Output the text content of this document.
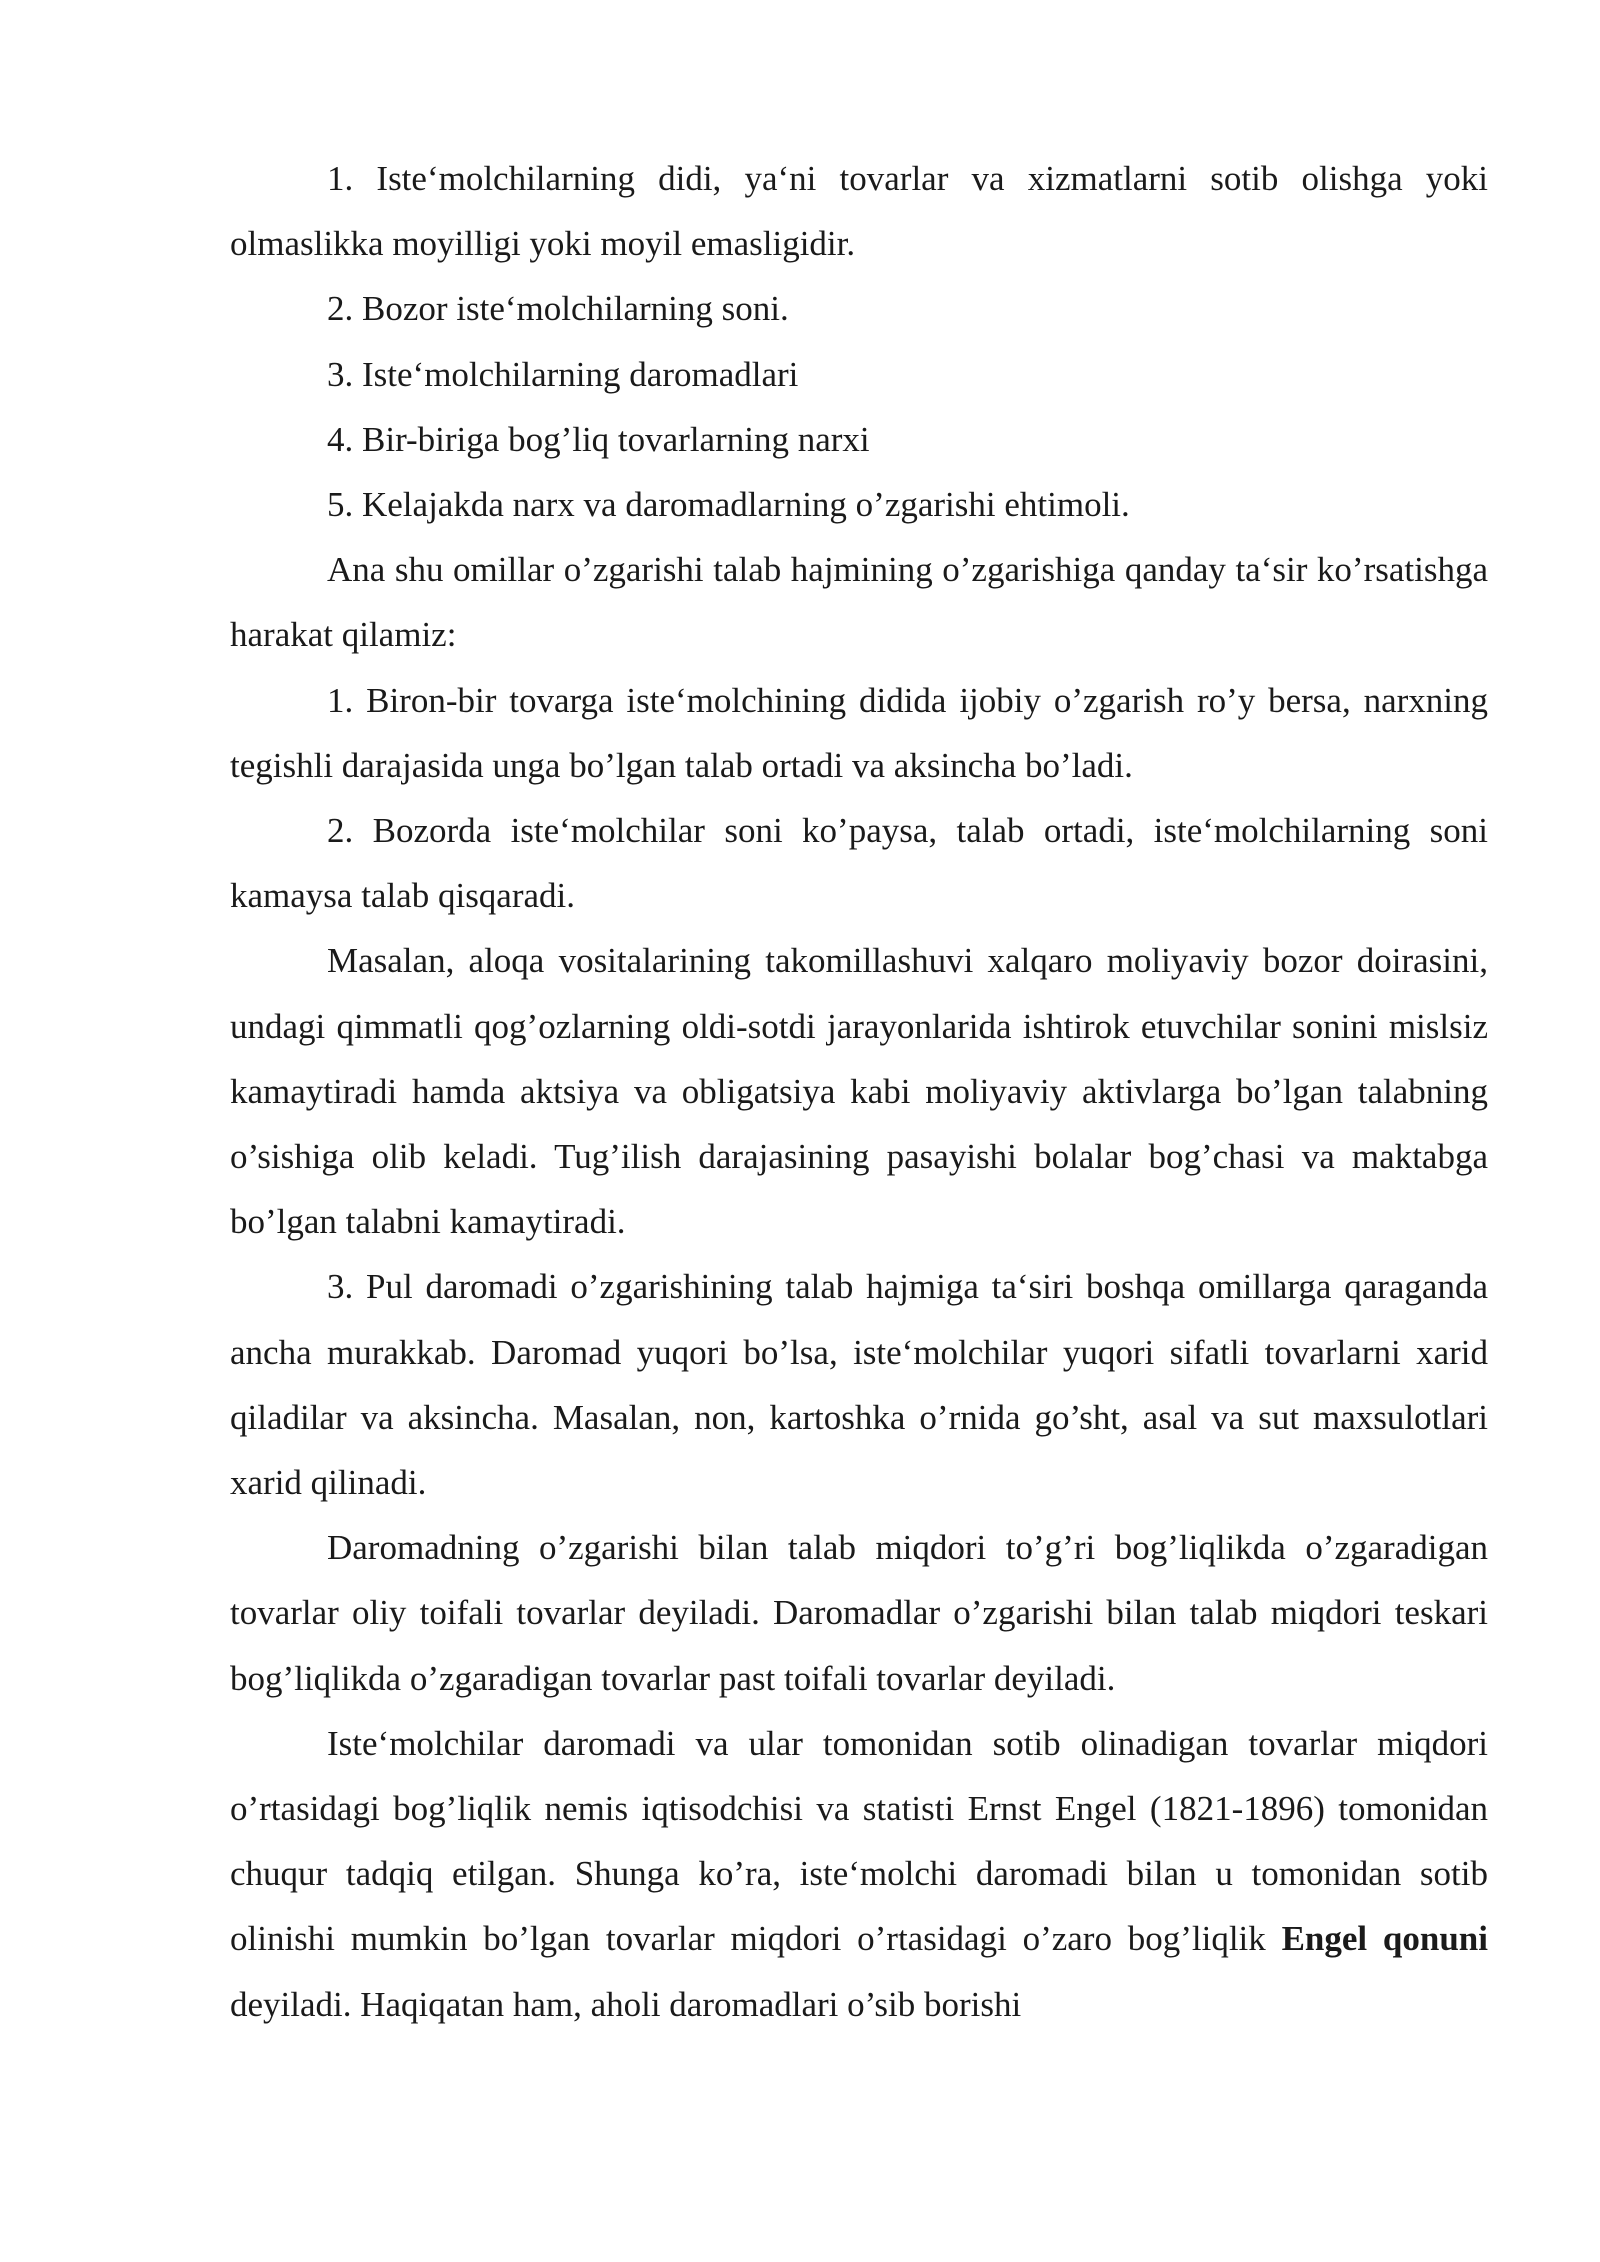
1. Iste‘molchilarning didi, ya‘ni tovarlar va xizmatlarni sotib olishga yoki olmaslikka moyilligi yoki moyil emasligidir.

2. Bozor iste‘molchilarning soni.

3. Iste‘molchilarning daromadlari

4. Bir-biriga bog’liq tovarlarning narxi

5. Kelajakda narx va daromadlarning o’zgarishi ehtimoli.

Ana shu omillar o’zgarishi talab hajmining o’zgarishiga qanday ta‘sir ko’rsatishga harakat qilamiz:

1. Biron-bir tovarga iste‘molchining didida ijobiy o’zgarish ro’y bersa, narxning tegishli darajasida unga bo’lgan talab ortadi va aksincha bo’ladi.

2. Bozorda iste‘molchilar soni ko’paysa, talab ortadi, iste‘molchilarning soni kamaysa talab qisqaradi.

Masalan, aloqa vositalarining takomillashuvi xalqaro moliyaviy bozor doirasini, undagi qimmatli qog’ozlarning oldi-sotdi jarayonlarida ishtirok etuvchilar sonini mislsiz kamaytiradi hamda aktsiya va obligatsiya kabi moliyaviy aktivlarga bo’lgan talabning o’sishiga olib keladi. Tug’ilish darajasining pasayishi bolalar bog’chasi va maktabga bo’lgan talabni kamaytiradi.

3. Pul daromadi o’zgarishining talab hajmiga ta‘siri boshqa omillarga qaraganda ancha murakkab. Daromad yuqori bo’lsa, iste‘molchilar yuqori sifatli tovarlarni xarid qiladilar va aksincha. Masalan, non, kartoshka o’rnida go’sht, asal va sut maxsulotlari xarid qilinadi.

Daromadning o’zgarishi bilan talab miqdori to’g’ri bog’liqlikda o’zgaradigan tovarlar oliy toifali tovarlar deyiladi. Daromadlar o’zgarishi bilan talab miqdori teskari bog’liqlikda o’zgaradigan tovarlar past toifali tovarlar deyiladi.

Iste‘molchilar daromadi va ular tomonidan sotib olinadigan tovarlar miqdori o’rtasidagi bog’liqlik nemis iqtisodchisi va statisti Ernst Engel (1821-1896) tomonidan chuqur tadqiq etilgan. Shunga ko’ra, iste‘molchi daromadi bilan u tomonidan sotib olinishi mumkin bo’lgan tovarlar miqdori o’rtasidagi o’zaro bog’liqlik Engel qonuni deyiladi. Haqiqatan ham, aholi daromadlari o’sib borishi
